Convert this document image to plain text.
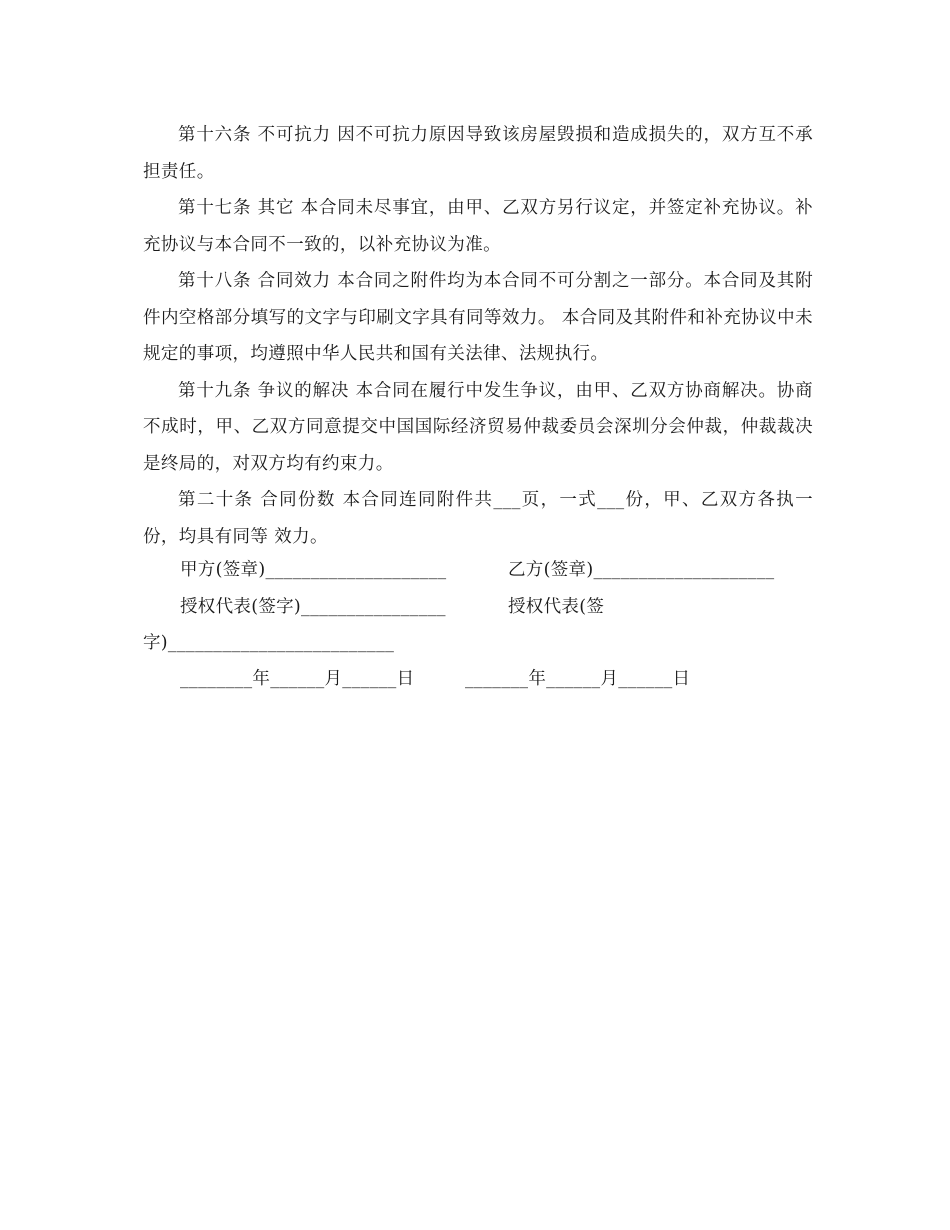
第十六条 不可抗力 因不可抗力原因导致该房屋毁损和造成损失的，双方互不承担责任。

第十七条 其它 本合同未尽事宜，由甲、乙双方另行议定，并签定补充协议。补充协议与本合同不一致的，以补充协议为准。

第十八条 合同效力 本合同之附件均为本合同不可分割之一部分。本合同及其附件内空格部分填写的文字与印刷文字具有同等效力。 本合同及其附件和补充协议中未规定的事项，均遵照中华人民共和国有关法律、法规执行。

第十九条 争议的解决 本合同在履行中发生争议，由甲、乙双方协商解决。协商不成时，甲、乙双方同意提交中国国际经济贸易仲裁委员会深圳分会仲裁，仲裁裁决是终局的，对双方均有约束力。

第二十条 合同份数 本合同连同附件共___页，一式___份，甲、乙双方各执一份，均具有同等 效力。

甲方(签章)____________________	乙方(签章)____________________
授权代表(签字)________________	授权代表(签
字)_________________________
________年______月______日	_______年______月______日
